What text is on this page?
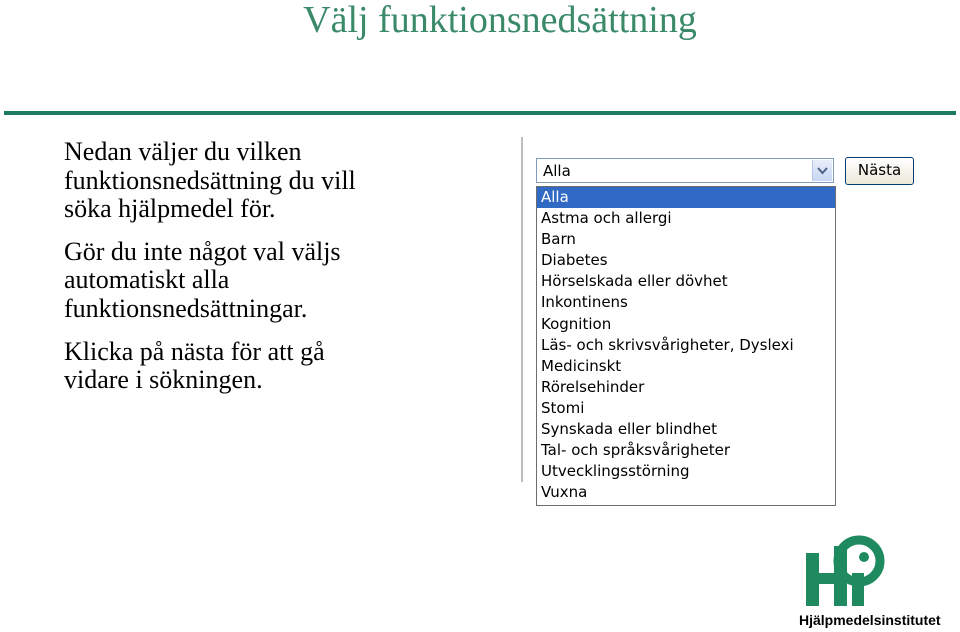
Välj funktionsnedsättning

Nedan väljer du vilken
funktionsnedsättning du vill
söka hjälpmedel för.

Gör du inte något val väljs
automatiskt alla
funktionsnedsättningar.

Klicka på nästa för att gå
vidare i sökningen.

Alla	Nästa
Alla
Astma och allergi
Barn
Diabetes
Hörselskada eller dövhet
Inkontinens
Kognition
Läs- och skrivsvårigheter, Dyslexi
Medicinskt
Rörelsehinder
Stomi
Synskada eller blindhet
Tal- och språksvårigheter
Utvecklingsstörning
Vuxna
Hjälpmedelsinstitutet
